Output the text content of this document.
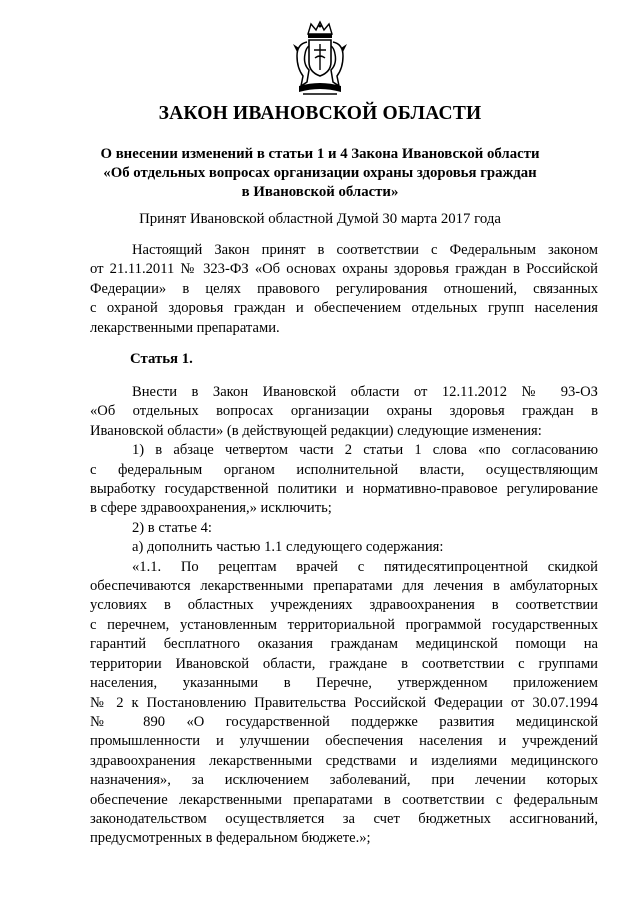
ЗАКОН ИВАНОВСКОЙ ОБЛАСТИ
О внесении изменений в статьи 1 и 4 Закона Ивановской области
«Об отдельных вопросах организации охраны здоровья граждан
в Ивановской области»
Принят Ивановской областной Думой 30 марта 2017 года
Настоящий Закон принят в соответствии с Федеральным законом
от 21.11.2011 № 323-ФЗ «Об основах охраны здоровья граждан в Российской
Федерации» в целях правового регулирования отношений, связанных
с охраной здоровья граждан и обеспечением отдельных групп населения
лекарственными препаратами.
Статья 1.
Внести в Закон Ивановской области от 12.11.2012 № 93-ОЗ
«Об отдельных вопросах организации охраны здоровья граждан в
Ивановской области» (в действующей редакции) следующие изменения:
1) в абзаце четвертом части 2 статьи 1 слова «по согласованию
с федеральным органом исполнительной власти, осуществляющим
выработку государственной политики и нормативно-правовое регулирование
в сфере здравоохранения,» исключить;
2) в статье 4:
а) дополнить частью 1.1 следующего содержания:
«1.1. По рецептам врачей с пятидесятипроцентной скидкой
обеспечиваются лекарственными препаратами для лечения в амбулаторных
условиях в областных учреждениях здравоохранения в соответствии
с перечнем, установленным территориальной программой государственных
гарантий бесплатного оказания гражданам медицинской помощи на
территории Ивановской области, граждане в соответствии с группами
населения, указанными в Перечне, утвержденном приложением
№ 2 к Постановлению Правительства Российской Федерации от 30.07.1994
№ 890 «О государственной поддержке развития медицинской
промышленности и улучшении обеспечения населения и учреждений
здравоохранения лекарственными средствами и изделиями медицинского
назначения», за исключением заболеваний, при лечении которых
обеспечение лекарственными препаратами в соответствии с федеральным
законодательством осуществляется за счет бюджетных ассигнований,
предусмотренных в федеральном бюджете.»;
